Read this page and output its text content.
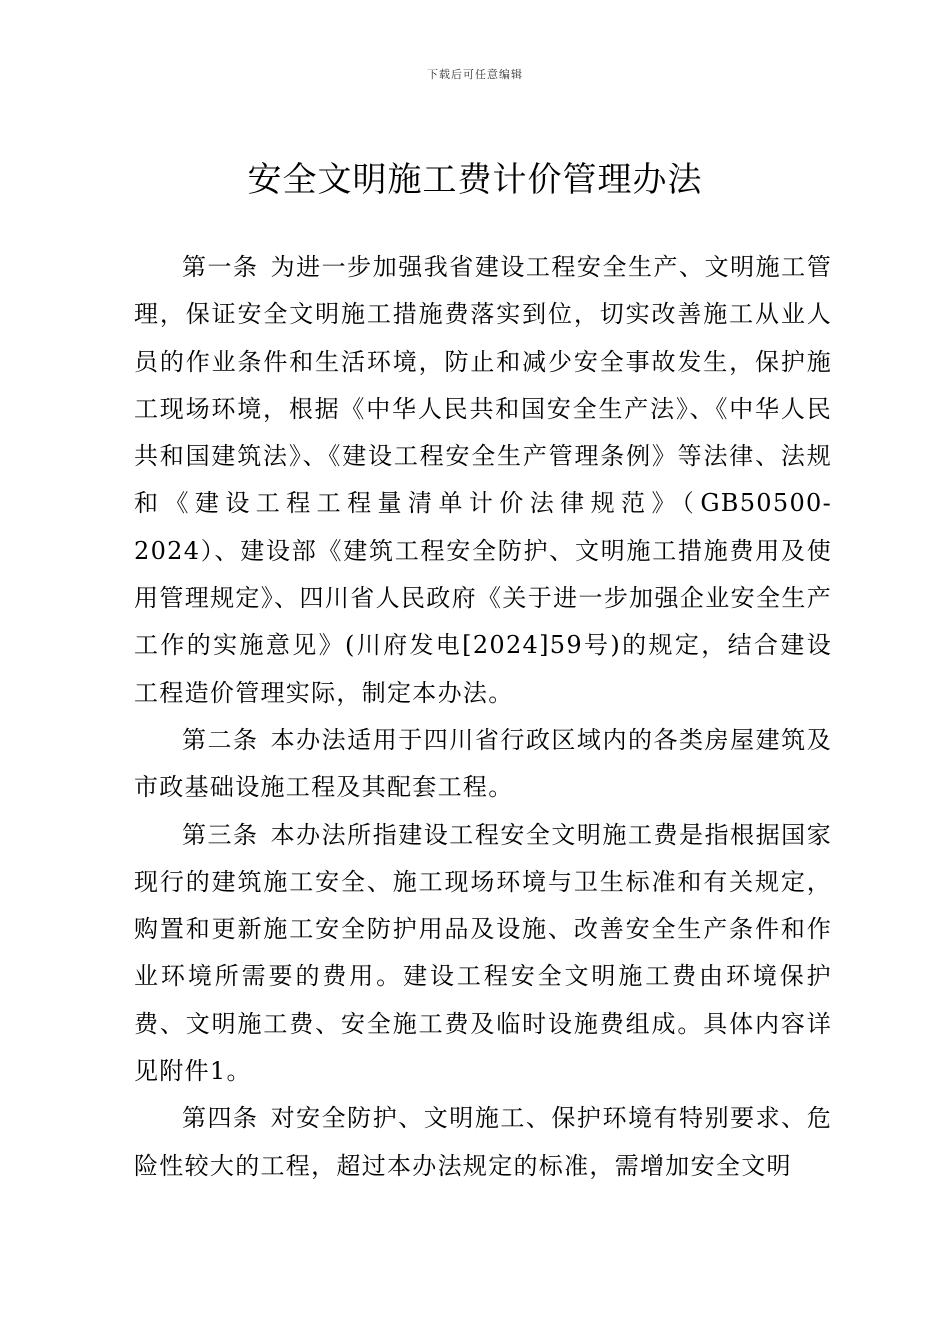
下载后可任意编辑
安全文明施工费计价管理办法

第一条 为进一步加强我省建设工程安全生产、文明施工管理，保证安全文明施工措施费落实到位，切实改善施工从业人员的作业条件和生活环境，防止和减少安全事故发生，保护施工现场环境，根据《中华人民共和国安全生产法》、《中华人民共和国建筑法》、《建设工程安全生产管理条例》等法律、法规和《建设工程工程量清单计价法律规范》（GB50500-2024）、建设部《建筑工程安全防护、文明施工措施费用及使用管理规定》、四川省人民政府《关于进一步加强企业安全生产工作的实施意见》(川府发电[2024]59号)的规定，结合建设工程造价管理实际，制定本办法。

第二条 本办法适用于四川省行政区域内的各类房屋建筑及市政基础设施工程及其配套工程。

第三条 本办法所指建设工程安全文明施工费是指根据国家现行的建筑施工安全、施工现场环境与卫生标准和有关规定，购置和更新施工安全防护用品及设施、改善安全生产条件和作业环境所需要的费用。建设工程安全文明施工费由环境保护费、文明施工费、安全施工费及临时设施费组成。具体内容详见附件1。

第四条 对安全防护、文明施工、保护环境有特别要求、危险性较大的工程，超过本办法规定的标准，需增加安全文明
